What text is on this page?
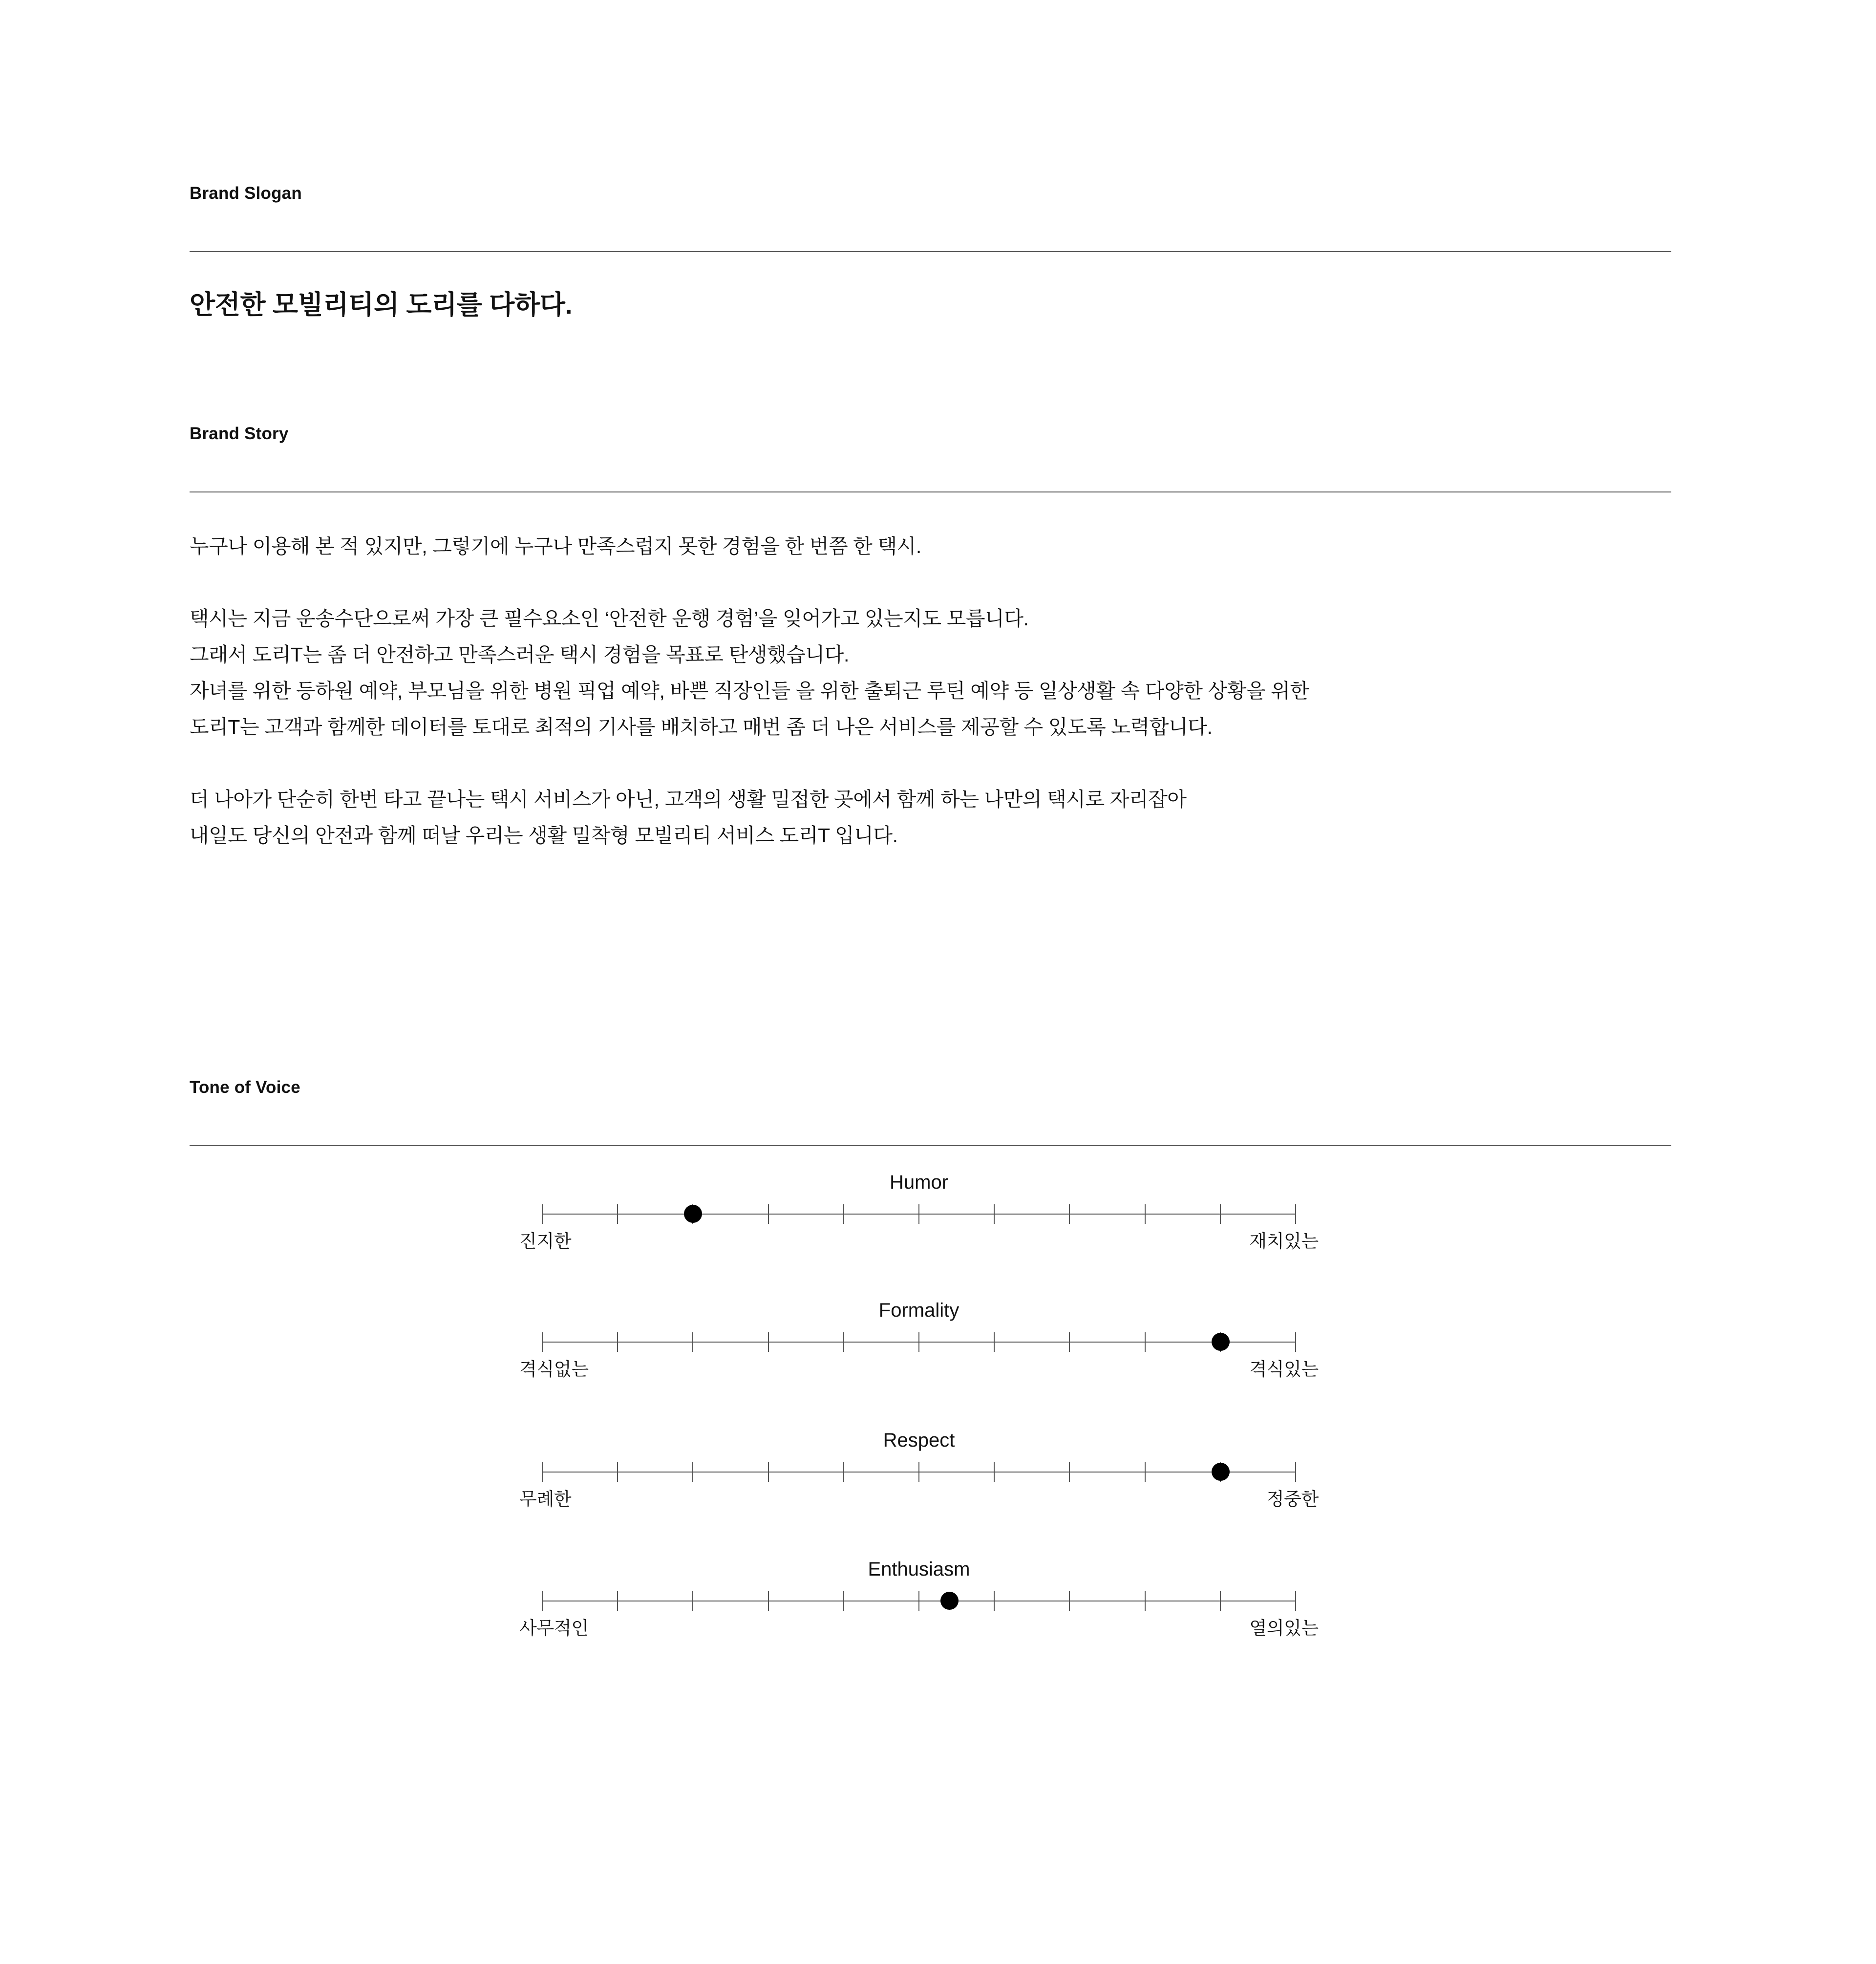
Brand Slogan

안전한 모빌리티의 도리를 다하다.

Brand Story

누구나 이용해 본 적 있지만, 그렇기에 누구나 만족스럽지 못한 경험을 한 번쯤 한 택시.

택시는 지금 운송수단으로써 가장 큰 필수요소인 ‘안전한 운행 경험’을 잊어가고 있는지도 모릅니다.
그래서 도리T는 좀 더 안전하고 만족스러운 택시 경험을 목표로 탄생했습니다.
자녀를 위한 등하원 예약, 부모님을 위한 병원 픽업 예약, 바쁜 직장인들 을 위한 출퇴근 루틴 예약 등 일상생활 속 다양한 상황을 위한
도리T는 고객과 함께한 데이터를 토대로 최적의 기사를 배치하고 매번 좀 더 나은 서비스를 제공할 수 있도록 노력합니다.

더 나아가 단순히 한번 타고 끝나는 택시 서비스가 아닌, 고객의 생활 밀접한 곳에서 함께 하는 나만의 택시로 자리잡아
내일도 당신의 안전과 함께 떠날 우리는 생활 밀착형 모빌리티 서비스 도리T 입니다.

Tone of Voice
Humor
진지한	재치있는
Formality
격식없는	격식있는
Respect
무례한	정중한
Enthusiasm
사무적인	열의있는
